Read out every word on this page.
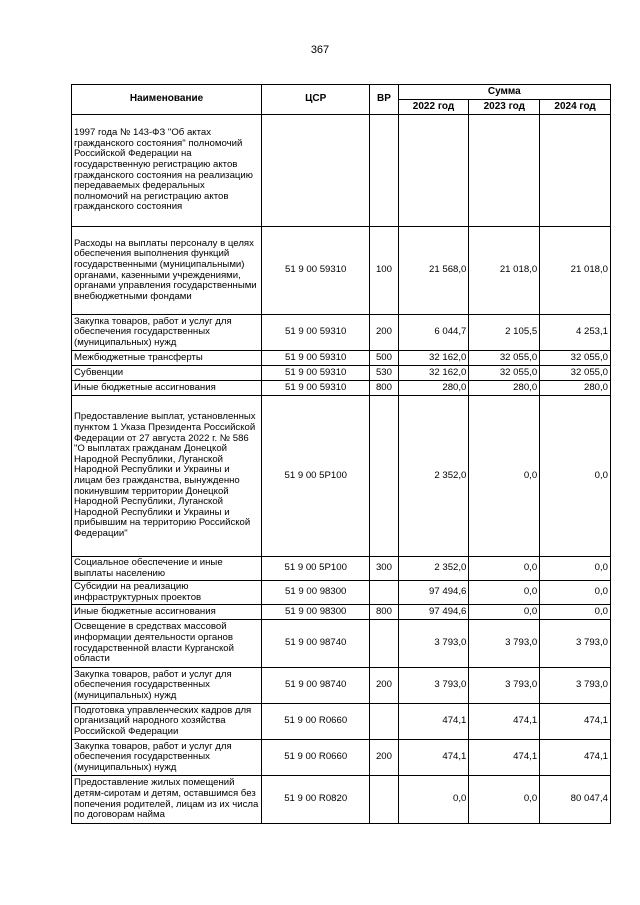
367
Наименование	ЦСР	ВР	Сумма		
			2022 год	2023 год	2024 год
1997 года № 143-ФЗ "Об актах гражданского состояния" полномочий Российской Федерации на государственную регистрацию актов гражданского состояния на реализацию передаваемых федеральных полномочий на регистрацию актов гражданского состояния					
Расходы на выплаты персоналу в целях обеспечения выполнения функций государственными (муниципальными) органами, казенными учреждениями, органами управления государственными внебюджетными фондами	51 9 00 59310	100	21 568,0	21 018,0	21 018,0
Закупка товаров, работ и услуг для обеспечения государственных (муниципальных) нужд	51 9 00 59310	200	6 044,7	2 105,5	4 253,1
Межбюджетные трансферты	51 9 00 59310	500	32 162,0	32 055,0	32 055,0
Субвенции	51 9 00 59310	530	32 162,0	32 055,0	32 055,0
Иные бюджетные ассигнования	51 9 00 59310	800	280,0	280,0	280,0
Предоставление выплат, установленных пунктом 1 Указа Президента Российской Федерации от 27 августа 2022 г. № 586 "О выплатах гражданам Донецкой Народной Республики, Луганской Народной Республики и Украины и лицам без гражданства, вынужденно покинувшим территории Донецкой Народной Республики, Луганской Народной Республики и Украины и прибывшим на территорию Российской Федерации"	51 9 00 5P100		2 352,0	0,0	0,0
Социальное обеспечение и иные выплаты населению	51 9 00 5P100	300	2 352,0	0,0	0,0
Субсидии на реализацию инфраструктурных проектов	51 9 00 98300		97 494,6	0,0	0,0
Иные бюджетные ассигнования	51 9 00 98300	800	97 494,6	0,0	0,0
Освещение в средствах массовой информации деятельности органов государственной власти Курганской области	51 9 00 98740		3 793,0	3 793,0	3 793,0
Закупка товаров, работ и услуг для обеспечения государственных (муниципальных) нужд	51 9 00 98740	200	3 793,0	3 793,0	3 793,0
Подготовка управленческих кадров для организаций народного хозяйства Российской Федерации	51 9 00 R0660		474,1	474,1	474,1
Закупка товаров, работ и услуг для обеспечения государственных (муниципальных) нужд	51 9 00 R0660	200	474,1	474,1	474,1
Предоставление жилых помещений детям-сиротам и детям, оставшимся без попечения родителей, лицам из их числа по договорам найма	51 9 00 R0820		0,0	0,0	80 047,4
